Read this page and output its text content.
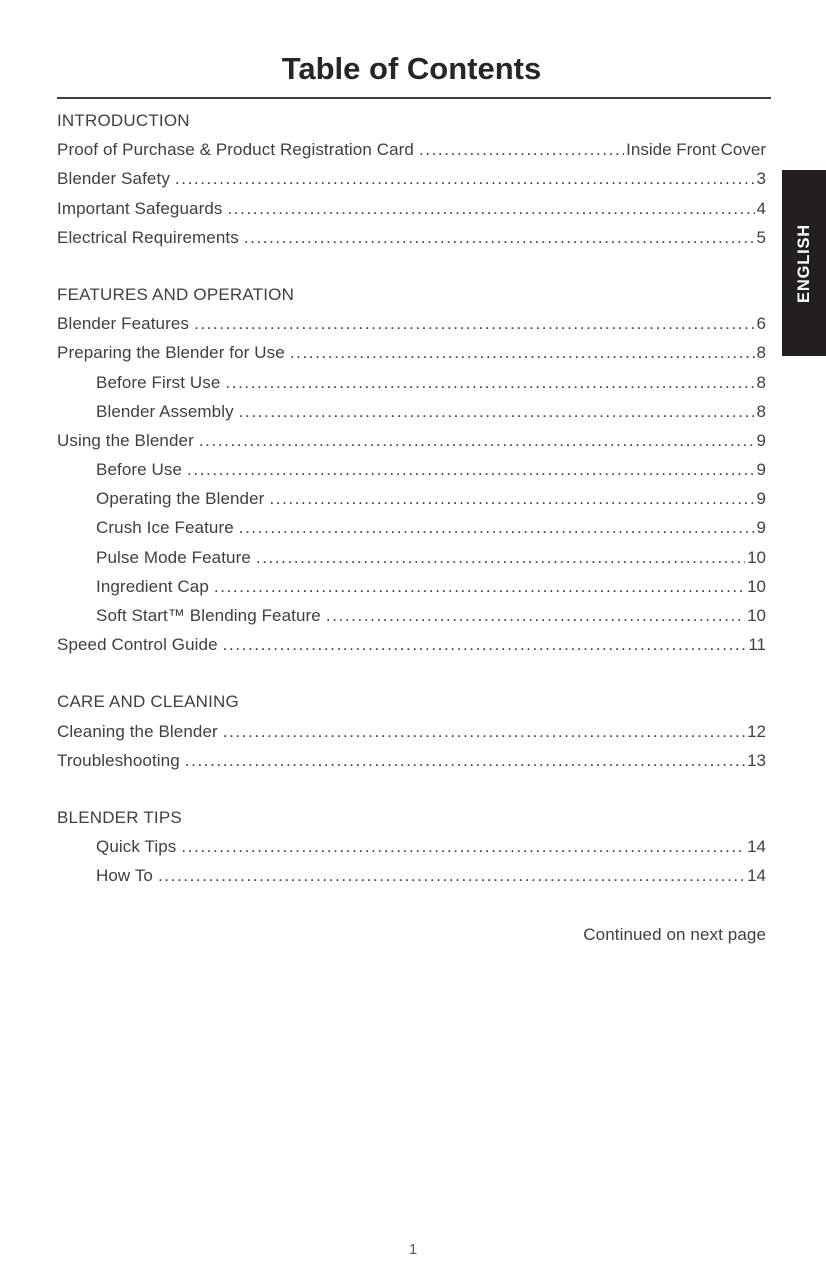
Table of Contents
INTRODUCTION
Proof of Purchase & Product Registration Card .....	Inside Front Cover
Blender Safety .....	3
Important Safeguards .....	4
Electrical Requirements .....	5
FEATURES AND OPERATION
Blender Features .....	6
Preparing the Blender for Use .....	8
Before First Use .....	8
Blender Assembly .....	8
Using the Blender .....	9
Before Use .....	9
Operating the Blender .....	9
Crush Ice Feature .....	9
Pulse Mode Feature .....	10
Ingredient Cap .....	10
Soft Start™ Blending Feature .....	10
Speed Control Guide .....	11
CARE AND CLEANING
Cleaning the Blender .....	12
Troubleshooting .....	13
BLENDER TIPS
Quick Tips .....	14
How To .....	14
Continued on next page
ENGLISH
1
